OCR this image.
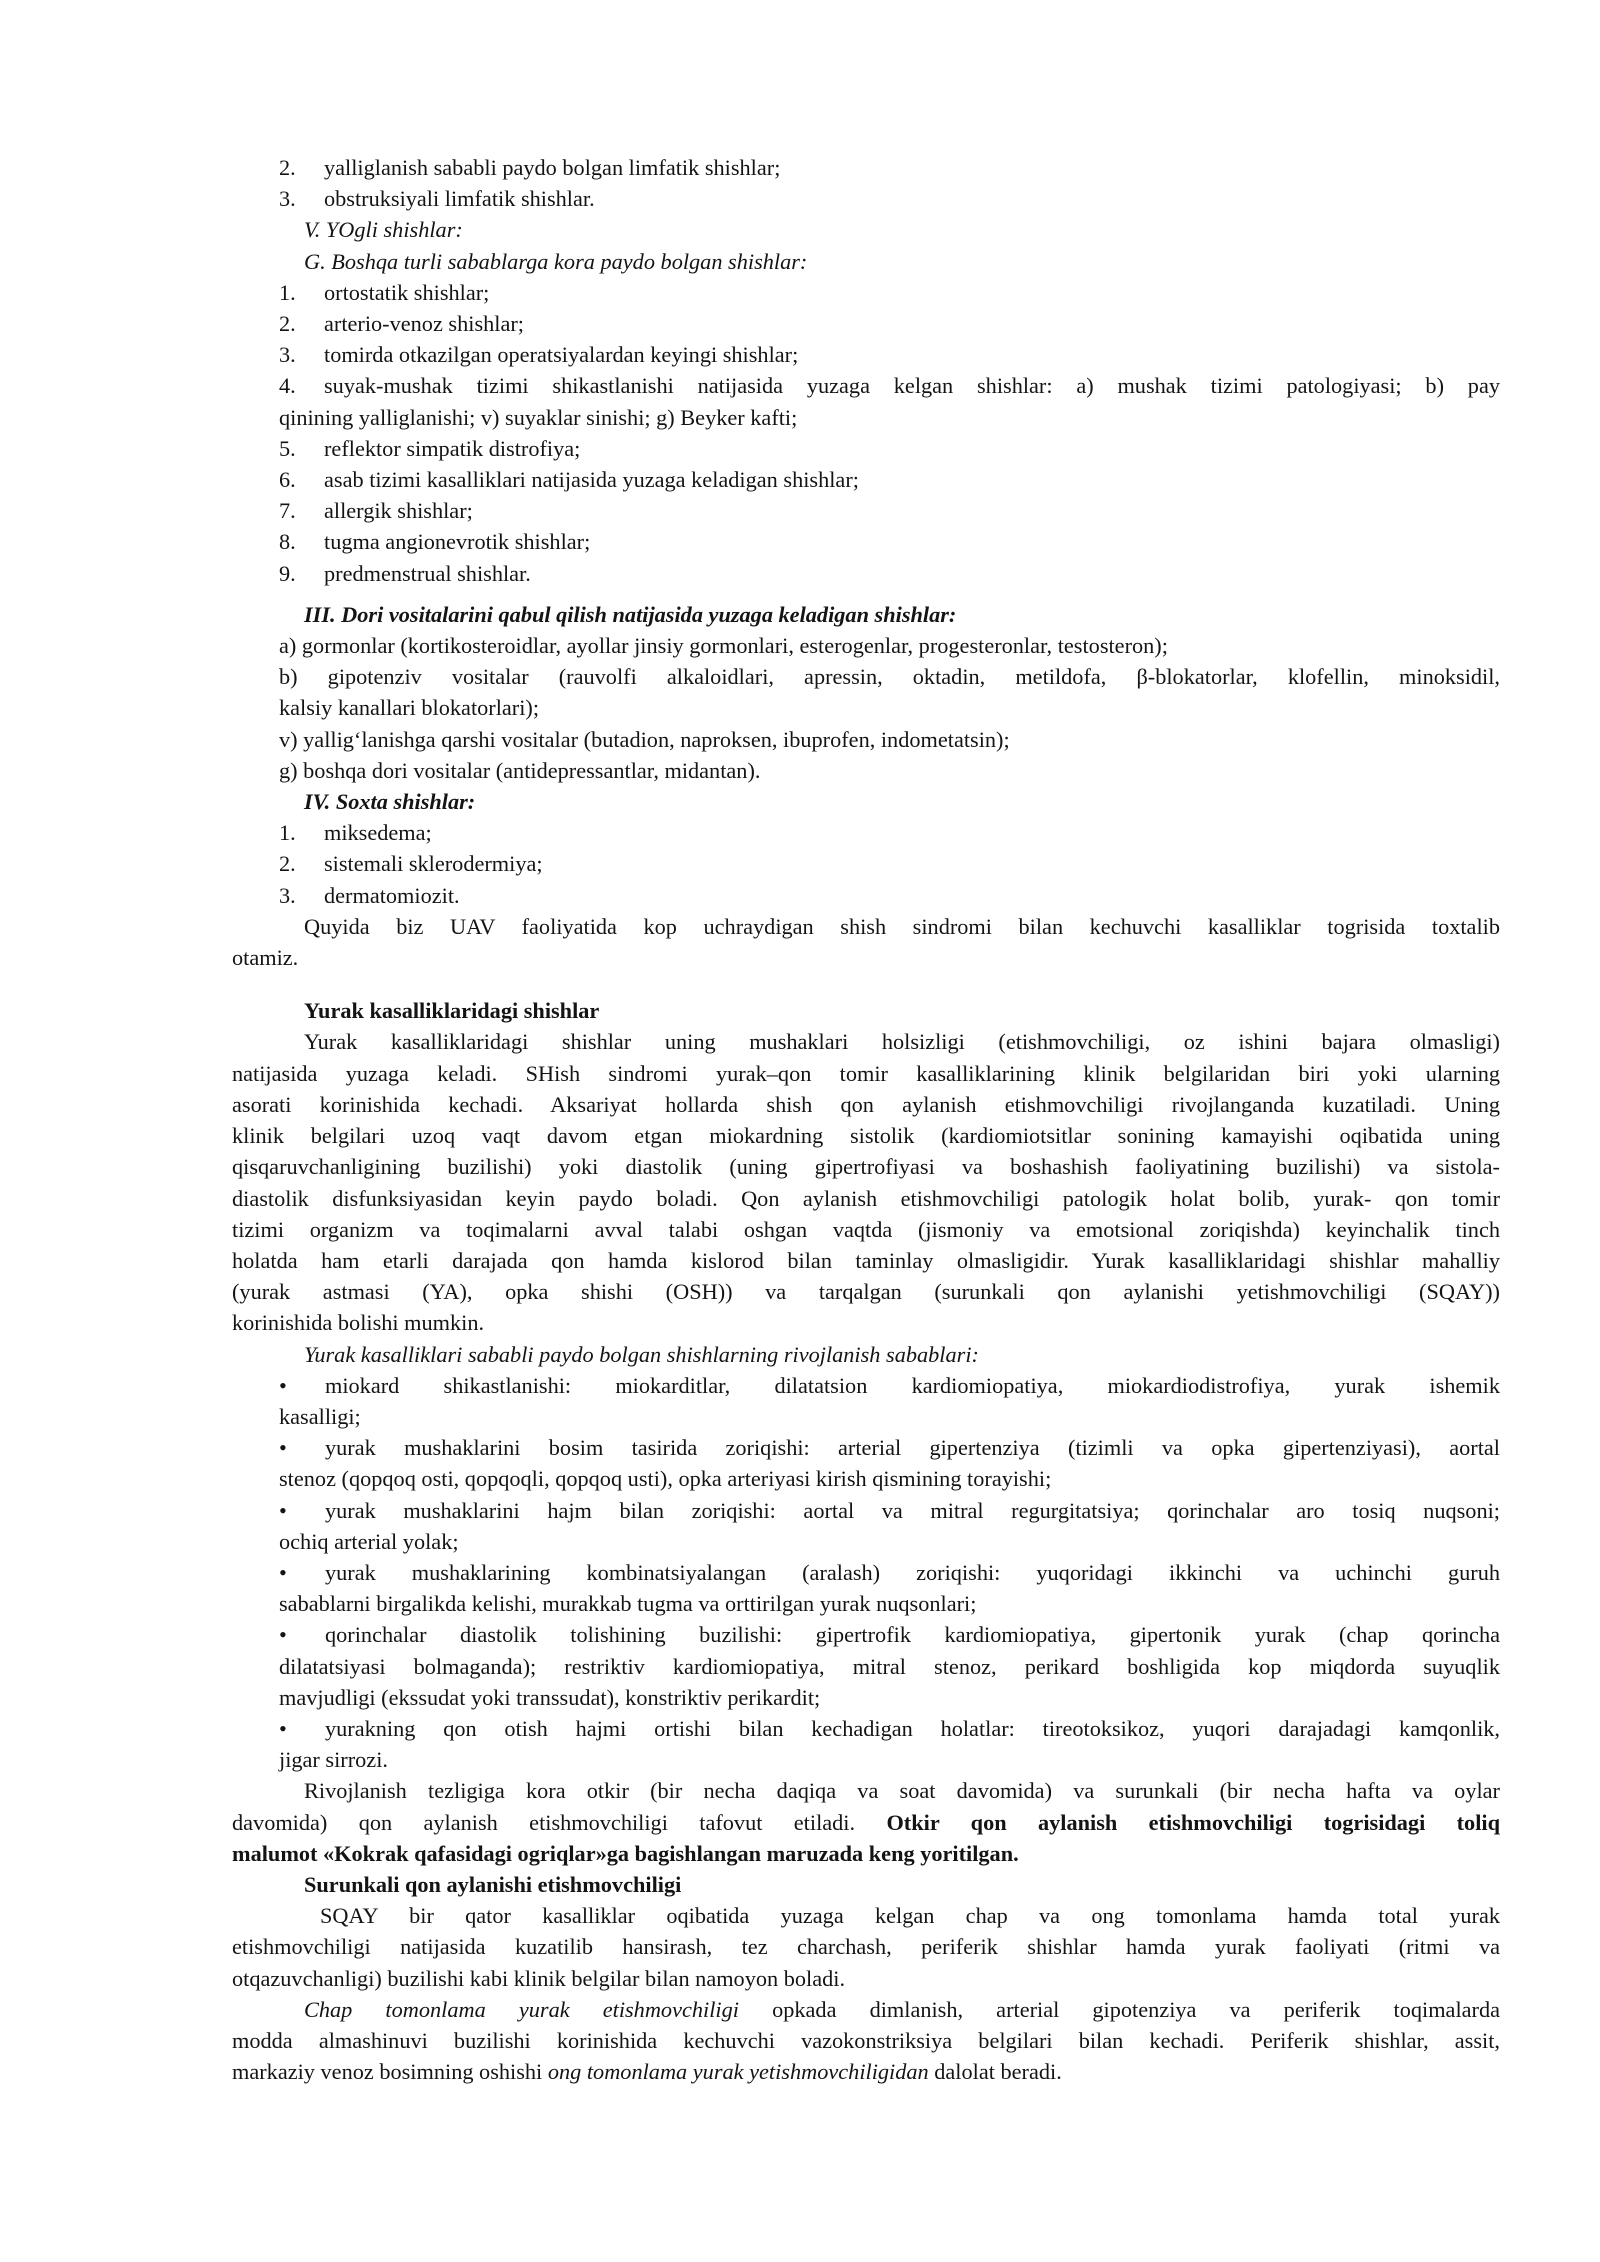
2. yalliglanish sababli paydo bolgan limfatik shishlar;
3. obstruksiyali limfatik shishlar.
V. YOgli shishlar:
G. Boshqa turli sabablarga kora paydo bolgan shishlar:
1. ortostatik shishlar;
2. arterio-venoz shishlar;
3. tomirda otkazilgan operatsiyalardan keyingi shishlar;
4. suyak-mushak tizimi shikastlanishi natijasida yuzaga kelgan shishlar: a) mushak tizimi patologiyasi; b) pay
qinining yalliglanishi; v) suyaklar sinishi; g) Beyker kafti;
5. reflektor simpatik distrofiya;
6. asab tizimi kasalliklari natijasida yuzaga keladigan shishlar;
7. allergik shishlar;
8. tugma angionevrotik shishlar;
9. predmenstrual shishlar.
III. Dori vositalarini qabul qilish natijasida yuzaga keladigan shishlar:
a) gormonlar (kortikosteroidlar, ayollar jinsiy gormonlari, esterogenlar, progesteronlar, testosteron);
b) gipotenziv vositalar (rauvolfi alkaloidlari, apressin, oktadin, metildofa, β-blokatorlar, klofellin, minoksidil,
kalsiy kanallari blokatorlari);
v) yallig‘lanishga qarshi vositalar (butadion, naproksen, ibuprofen, indometatsin);
g) boshqa dori vositalar (antidepressantlar, midantan).
IV. Soxta shishlar:
1. miksedema;
2. sistemali sklerodermiya;
3. dermatomiozit.
Quyida biz UAV faoliyatida kop uchraydigan shish sindromi bilan kechuvchi kasalliklar togrisida toxtalib
otamiz.
Yurak kasalliklaridagi shishlar
Yurak kasalliklaridagi shishlar uning mushaklari holsizligi (etishmovchiligi, oz ishini bajara olmasligi)
natijasida yuzaga keladi. SHish sindromi yurak–qon tomir kasalliklarining klinik belgilaridan biri yoki ularning
asorati korinishida kechadi. Aksariyat hollarda shish qon aylanish etishmovchiligi rivojlanganda kuzatiladi. Uning
klinik belgilari uzoq vaqt davom etgan miokardning sistolik (kardiomiotsitlar sonining kamayishi oqibatida uning
qisqaruvchanligining buzilishi) yoki diastolik (uning gipertrofiyasi va boshashish faoliyatining buzilishi) va sistola-
diastolik disfunksiyasidan keyin paydo boladi. Qon aylanish etishmovchiligi patologik holat bolib, yurak- qon tomir
tizimi organizm va toqimalarni avval talabi oshgan vaqtda (jismoniy va emotsional zoriqishda) keyinchalik tinch
holatda ham etarli darajada qon hamda kislorod bilan taminlay olmasligidir. Yurak kasalliklaridagi shishlar mahalliy
(yurak astmasi (YA), opka shishi (OSH)) va tarqalgan (surunkali qon aylanishi yetishmovchiligi (SQAY))
korinishida bolishi mumkin.
Yurak kasalliklari sababli paydo bolgan shishlarning rivojlanish sabablari:
• miokard shikastlanishi: miokarditlar, dilatatsion kardiomiopatiya, miokardiodistrofiya, yurak ishemik
kasalligi;
• yurak mushaklarini bosim tasirida zoriqishi: arterial gipertenziya (tizimli va opka gipertenziyasi), aortal
stenoz (qopqoq osti, qopqoqli, qopqoq usti), opka arteriyasi kirish qismining torayishi;
• yurak mushaklarini hajm bilan zoriqishi: aortal va mitral regurgitatsiya; qorinchalar aro tosiq nuqsoni;
ochiq arterial yolak;
• yurak mushaklarining kombinatsiyalangan (aralash) zoriqishi: yuqoridagi ikkinchi va uchinchi guruh
sabablarni birgalikda kelishi, murakkab tugma va orttirilgan yurak nuqsonlari;
• qorinchalar diastolik tolishining buzilishi: gipertrofik kardiomiopatiya, gipertonik yurak (chap qorincha
dilatatsiyasi bolmaganda); restriktiv kardiomiopatiya, mitral stenoz, perikard boshligida kop miqdorda suyuqlik
mavjudligi (ekssudat yoki transsudat), konstriktiv perikardit;
• yurakning qon otish hajmi ortishi bilan kechadigan holatlar: tireotoksikoz, yuqori darajadagi kamqonlik,
jigar sirrozi.
Rivojlanish tezligiga kora otkir (bir necha daqiqa va soat davomida) va surunkali (bir necha hafta va oylar
davomida) qon aylanish etishmovchiligi tafovut etiladi. Otkir qon aylanish etishmovchiligi togrisidagi toliq
malumot «Kokrak qafasidagi ogriqlar»ga bagishlangan maruzada keng yoritilgan.
Surunkali qon aylanishi etishmovchiligi
SQAY bir qator kasalliklar oqibatida yuzaga kelgan chap va ong tomonlama hamda total yurak
etishmovchiligi natijasida kuzatilib hansirash, tez charchash, periferik shishlar hamda yurak faoliyati (ritmi va
otqazuvchanligi) buzilishi kabi klinik belgilar bilan namoyon boladi.
Chap tomonlama yurak etishmovchiligi opkada dimlanish, arterial gipotenziya va periferik toqimalarda
modda almashinuvi buzilishi korinishida kechuvchi vazokonstriksiya belgilari bilan kechadi. Periferik shishlar, assit,
markaziy venoz bosimning oshishi ong tomonlama yurak yetishmovchiligidan dalolat beradi.
